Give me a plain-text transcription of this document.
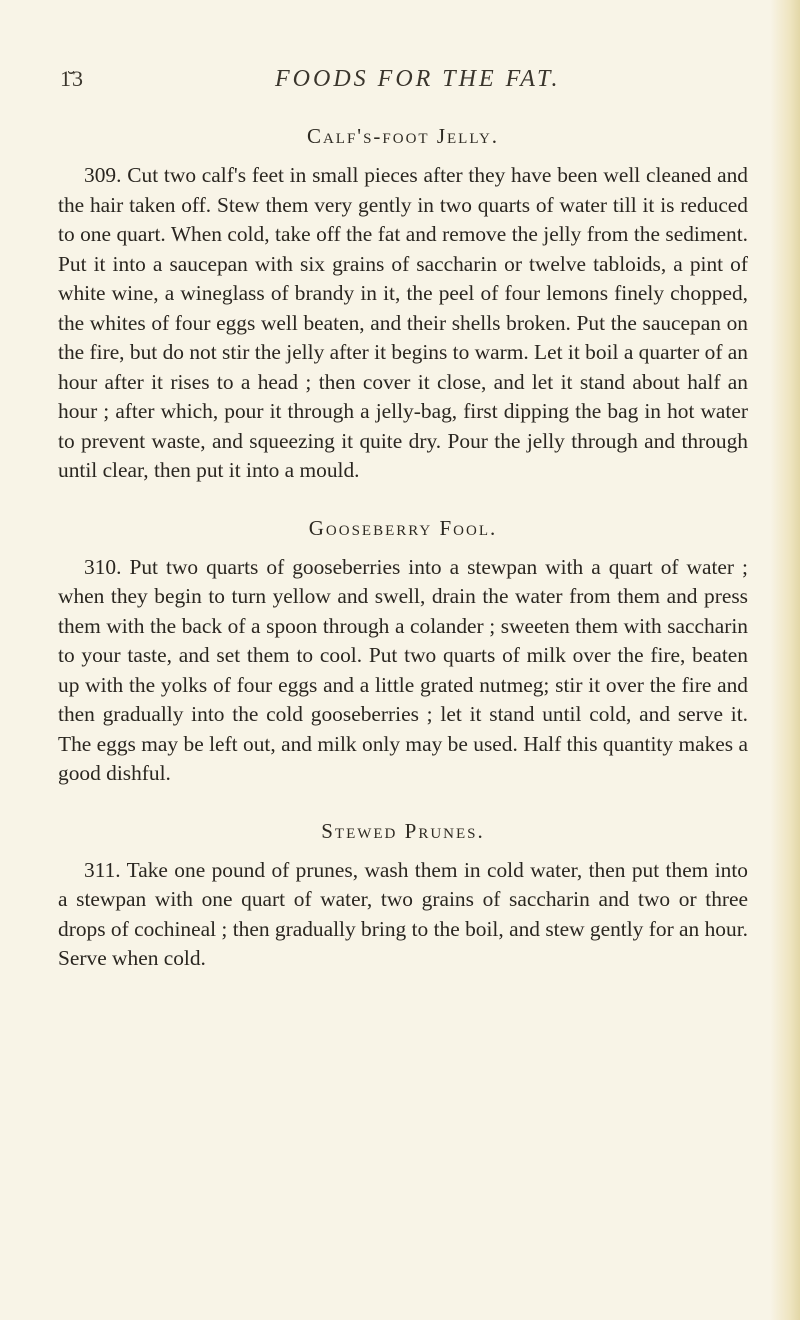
1̆3	FOODS FOR THE FAT.
Calf's-foot Jelly.

309. Cut two calf's feet in small pieces after they have been well cleaned and the hair taken off. Stew them very gently in two quarts of water till it is reduced to one quart. When cold, take off the fat and remove the jelly from the sediment. Put it into a saucepan with six grains of saccharin or twelve tabloids, a pint of white wine, a wineglass of brandy in it, the peel of four lemons finely chopped, the whites of four eggs well beaten, and their shells broken. Put the saucepan on the fire, but do not stir the jelly after it begins to warm. Let it boil a quarter of an hour after it rises to a head ; then cover it close, and let it stand about half an hour ; after which, pour it through a jelly-bag, first dipping the bag in hot water to prevent waste, and squeezing it quite dry. Pour the jelly through and through until clear, then put it into a mould.

Gooseberry Fool.

310. Put two quarts of gooseberries into a stewpan with a quart of water ; when they begin to turn yellow and swell, drain the water from them and press them with the back of a spoon through a colander ; sweeten them with saccharin to your taste, and set them to cool. Put two quarts of milk over the fire, beaten up with the yolks of four eggs and a little grated nutmeg; stir it over the fire and then gradually into the cold gooseberries ; let it stand until cold, and serve it. The eggs may be left out, and milk only may be used. Half this quantity makes a good dishful.

Stewed Prunes.

311. Take one pound of prunes, wash them in cold water, then put them into a stewpan with one quart of water, two grains of saccharin and two or three drops of cochineal ; then gradually bring to the boil, and stew gently for an hour. Serve when cold.
